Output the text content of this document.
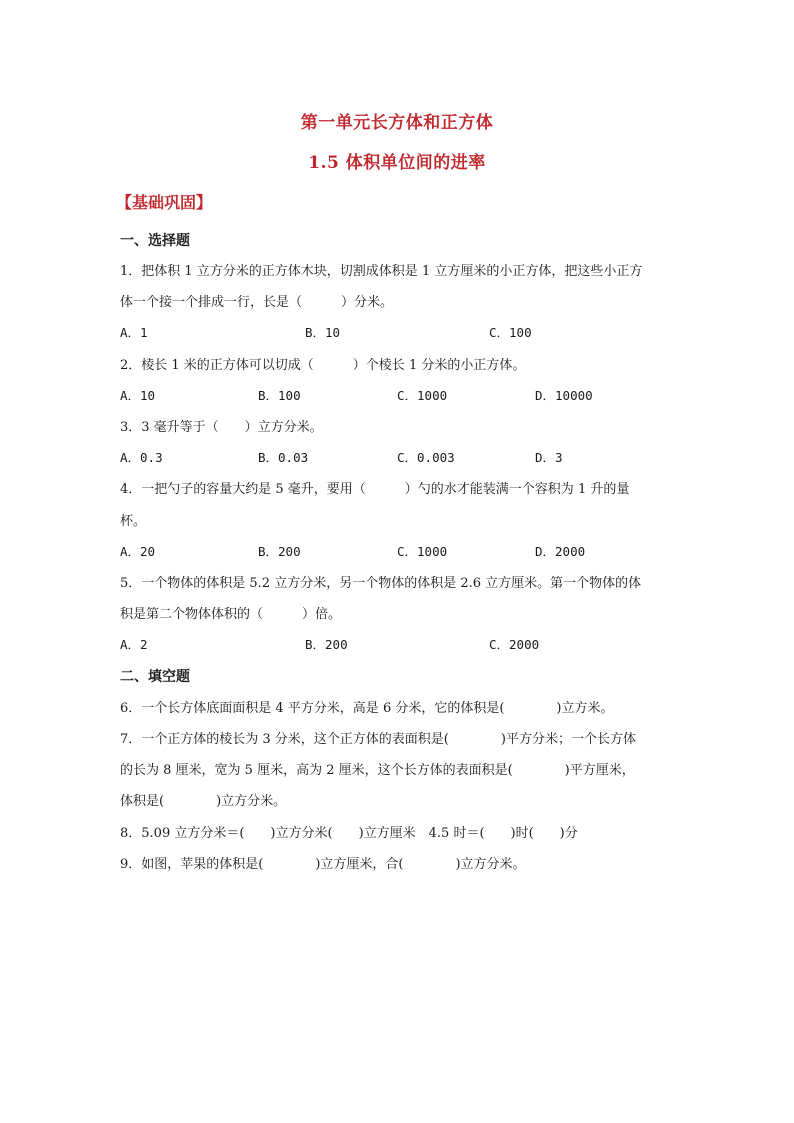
第一单元长方体和正方体
1.5 体积单位间的进率
【基础巩固】
一、选择题
1．把体积 1 立方分米的正方体木块，切割成体积是 1 立方厘米的小正方体，把这些小正方
体一个接一个排成一行，长是（　　　）分米。
A．1	B．10	C．100
2．棱长 1 米的正方体可以切成（　　　）个棱长 1 分米的小正方体。
A．10	B．100	C．1000	D．10000
3．3 毫升等于（　　）立方分米。
A．0.3	B．0.03	C．0.003	D．3
4．一把勺子的容量大约是 5 毫升，要用（　　　）勺的水才能装满一个容积为 1 升的量
杯。
A．20	B．200	C．1000	D．2000
5．一个物体的体积是 5.2 立方分米，另一个物体的体积是 2.6 立方厘米。第一个物体的体
积是第二个物体体积的（　　　）倍。
A．2	B．200	C．2000
二、填空题
6．一个长方体底面面积是 4 平方分米，高是 6 分米，它的体积是(　　　　)立方米。
7．一个正方体的棱长为 3 分米，这个正方体的表面积是(　　　　)平方分米；一个长方体
的长为 8 厘米，宽为 5 厘米，高为 2 厘米，这个长方体的表面积是(　　　　)平方厘米，
体积是(　　　　)立方分米。
8．5.09 立方分米＝(　　)立方分米(　　)立方厘米　4.5 时＝(　　)时(　　)分
9．如图，苹果的体积是(　　　　)立方厘米，合(　　　　)立方分米。
